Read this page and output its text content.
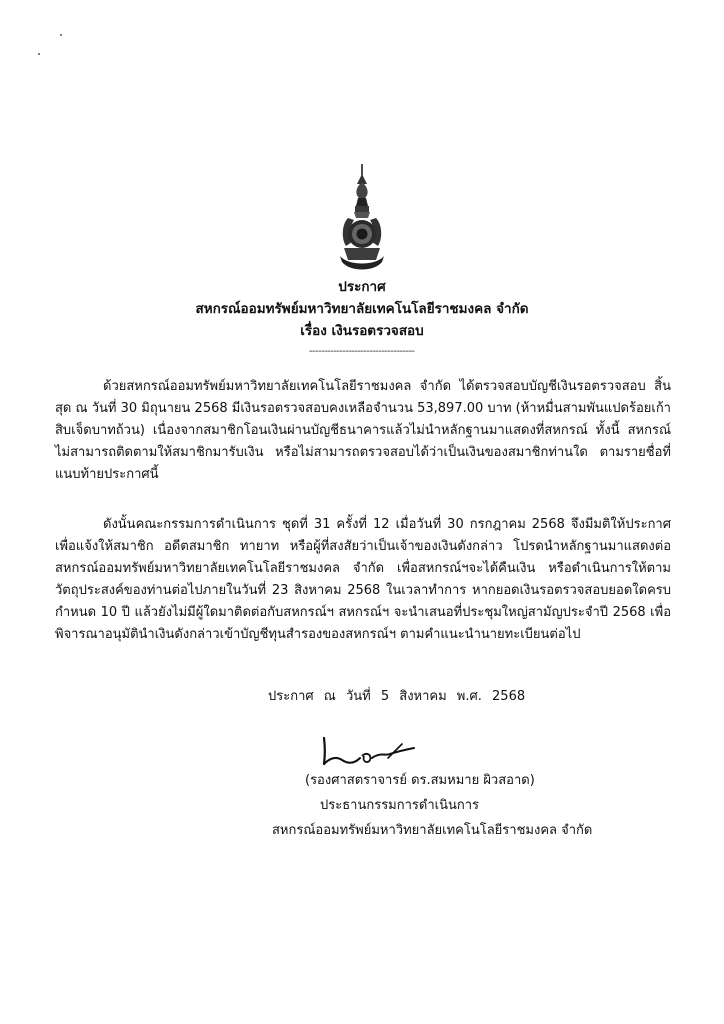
ประกาศ
สหกรณ์ออมทรัพย์มหาวิทยาลัยเทคโนโลยีราชมงคล จำกัด
เรื่อง เงินรอตรวจสอบ
-----------------------------------

ด้วยสหกรณ์ออมทรัพย์มหาวิทยาลัยเทคโนโลยีราชมงคล จำกัด ได้ตรวจสอบบัญชีเงินรอตรวจสอบ สิ้นสุด ณ วันที่ 30 มิถุนายน 2568 มีเงินรอตรวจสอบคงเหลือจำนวน 53,897.00 บาท (ห้าหมื่นสามพันแปดร้อยเก้าสิบเจ็ดบาทถ้วน) เนื่องจากสมาชิกโอนเงินผ่านบัญชีธนาคารแล้วไม่นำหลักฐานมาแสดงที่สหกรณ์ ทั้งนี้ สหกรณ์ไม่สามารถติดตามให้สมาชิกมารับเงิน หรือไม่สามารถตรวจสอบได้ว่าเป็นเงินของสมาชิกท่านใด ตามรายชื่อที่แนบท้ายประกาศนี้

ดังนั้นคณะกรรมการดำเนินการ ชุดที่ 31 ครั้งที่ 12 เมื่อวันที่ 30 กรกฎาคม 2568 จึงมีมติให้ประกาศ เพื่อแจ้งให้สมาชิก อดีตสมาชิก ทายาท หรือผู้ที่สงสัยว่าเป็นเจ้าของเงินดังกล่าว โปรดนำหลักฐานมาแสดงต่อสหกรณ์ออมทรัพย์มหาวิทยาลัยเทคโนโลยีราชมงคล จำกัด เพื่อสหกรณ์ฯจะได้คืนเงิน หรือดำเนินการให้ตามวัตถุประสงค์ของท่านต่อไปภายในวันที่ 23 สิงหาคม 2568 ในเวลาทำการ หากยอดเงินรอตรวจสอบยอดใดครบกำหนด 10 ปี แล้วยังไม่มีผู้ใดมาติดต่อกับสหกรณ์ฯ สหกรณ์ฯ จะนำเสนอที่ประชุมใหญ่สามัญประจำปี 2568 เพื่อพิจารณาอนุมัตินำเงินดังกล่าวเข้าบัญชีทุนสำรองของสหกรณ์ฯ ตามคำแนะนำนายทะเบียนต่อไป

ประกาศ ณ วันที่ 5 สิงหาคม พ.ศ. 2568
(รองศาสตราจารย์ ดร.สมหมาย ผิวสอาด)
ประธานกรรมการดำเนินการ
สหกรณ์ออมทรัพย์มหาวิทยาลัยเทคโนโลยีราชมงคล จำกัด
